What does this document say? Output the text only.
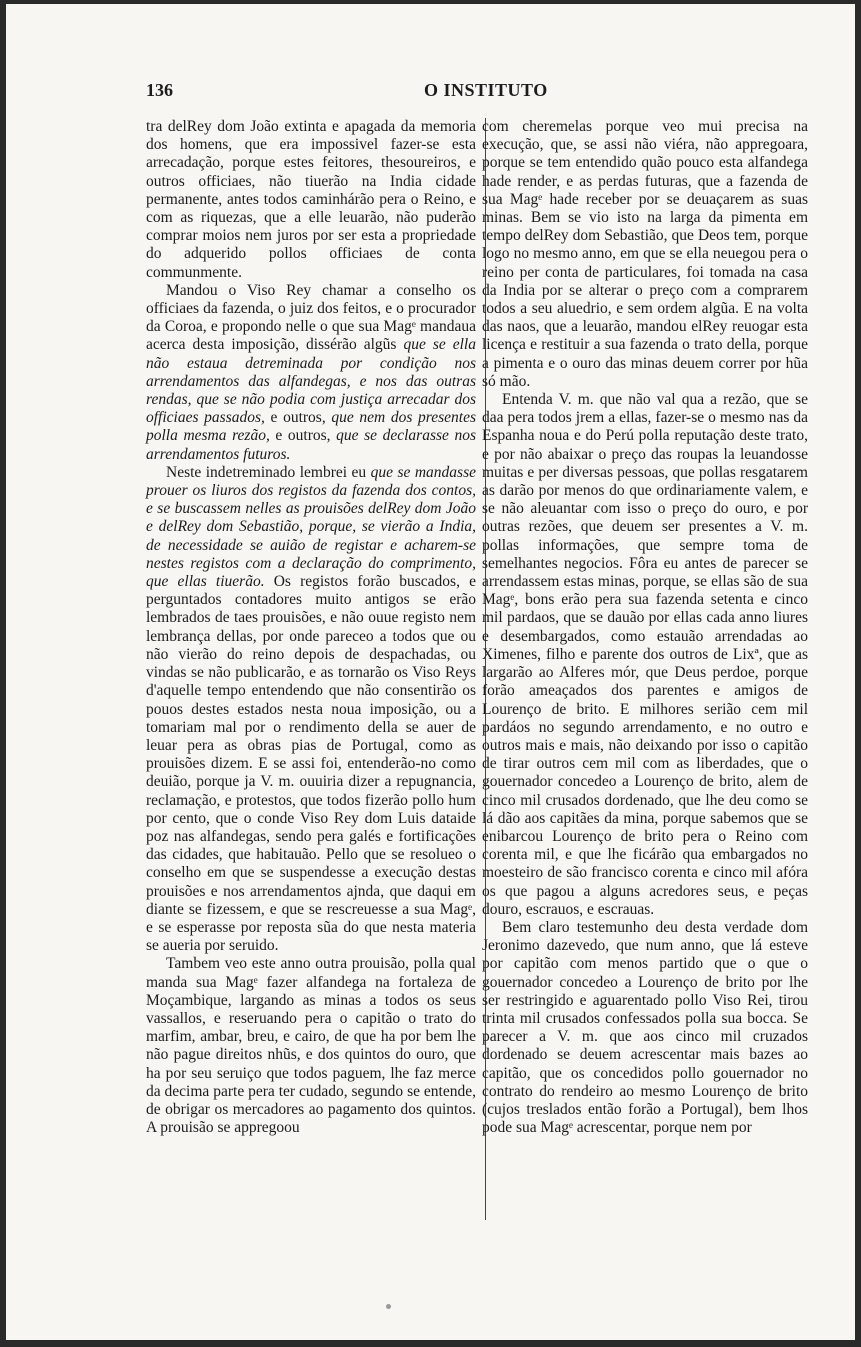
136	O INSTITUTO

tra delRey dom João extinta e apagada da memoria dos homens, que era impossivel fazer-se esta arrecadação, porque estes feitores, thesoureiros, e outros officiaes, não tiuerão na India cidade permanente, antes todos caminhárão pera o Reino, e com as riquezas, que a elle leuarão, não puderão comprar moios nem juros por ser esta a propriedade do adquerido pollos officiaes de conta communmente.

Mandou o Viso Rey chamar a conselho os officiaes da fazenda, o juiz dos feitos, e o procurador da Coroa, e propondo nelle o que sua Magᵉ mandaua acerca desta imposição, dissérão algũs que se ella não estaua detreminada por condição nos arrendamentos das alfandegas, e nos das outras rendas, que se não podia com justiça arrecadar dos officiaes passados, e outros, que nem dos presentes polla mesma rezão, e outros, que se declarasse nos arrendamentos futuros.

Neste indetreminado lembrei eu que se mandasse prouer os liuros dos registos da fazenda dos contos, e se buscassem nelles as prouisões delRey dom João e delRey dom Sebastião, porque, se vierão a India, de necessidade se auião de registar e acharem-se nestes registos com a declaração do comprimento, que ellas tiuerão. Os registos forão buscados, e perguntados contadores muito antigos se erão lembrados de taes prouisões, e não ouue registo nem lembrança dellas, por onde pareceo a todos que ou não vierão do reino depois de despachadas, ou vindas se não publicarão, e as tornarão os Viso Reys d'aquelle tempo entendendo que não consentirão os pouos destes estados nesta noua imposição, ou a tomariam mal por o rendimento della se auer de leuar pera as obras pias de Portugal, como as prouisões dizem. E se assi foi, entenderão-no como deuião, porque ja V. m. ouuiria dizer a repugnancia, reclamação, e protestos, que todos fizerão pollo hum por cento, que o conde Viso Rey dom Luis dataide poz nas alfandegas, sendo pera galés e fortificações das cidades, que habitauão. Pello que se resolueo o conselho em que se suspendesse a execução destas prouisões e nos arrendamentos ajnda, que daqui em diante se fizessem, e que se rescreuesse a sua Magᵉ, e se esperasse por reposta sũa do que nesta materia se aueria por seruido.

Tambem veo este anno outra prouisão, polla qual manda sua Magᵉ fazer alfandega na fortaleza de Moçambique, largando as minas a todos os seus vassallos, e reseruando pera o capitão o trato do marfim, ambar, breu, e cairo, de que ha por bem lhe não pague direitos nhũs, e dos quintos do ouro, que ha por seu seruiço que todos paguem, lhe faz merce da decima parte pera ter cudado, segundo se entende, de obrigar os mercadores ao pagamento dos quintos. A prouisão se appregoou

com cheremelas porque veo mui precisa na execução, que, se assi não viéra, não appregoara, porque se tem entendido quão pouco esta alfandega hade render, e as perdas futuras, que a fazenda de sua Magᵉ hade receber por se deuaçarem as suas minas. Bem se vio isto na larga da pimenta em tempo delRey dom Sebastião, que Deos tem, porque logo no mesmo anno, em que se ella neuegou pera o reino per conta de particulares, foi tomada na casa da India por se alterar o preço com a comprarem todos a seu aluedrio, e sem ordem algũa. E na volta das naos, que a leuarão, mandou elRey reuogar esta licença e restituir a sua fazenda o trato della, porque a pimenta e o ouro das minas deuem correr por hũa só mão.

Entenda V. m. que não val qua a rezão, que se daa pera todos jrem a ellas, fazer-se o mesmo nas da Espanha noua e do Perú polla reputação deste trato, e por não abaixar o preço das roupas la leuandosse muitas e per diversas pessoas, que pollas resgatarem as darão por menos do que ordinariamente valem, e se não aleuantar com isso o preço do ouro, e por outras rezões, que deuem ser presentes a V. m. pollas informações, que sempre toma de semelhantes negocios. Fôra eu antes de parecer se arrendassem estas minas, porque, se ellas são de sua Magᵉ, bons erão pera sua fazenda setenta e cinco mil pardaos, que se dauão por ellas cada anno liures e desembargados, como estauão arrendadas ao Ximenes, filho e parente dos outros de Lixª, que as largarão ao Alferes mór, que Deus perdoe, porque forão ameaçados dos parentes e amigos de Lourenço de brito. E milhores serião cem mil pardáos no segundo arrendamento, e no outro e outros mais e mais, não deixando por isso o capitão de tirar outros cem mil com as liberdades, que o gouernador concedeo a Lourenço de brito, alem de cinco mil crusados dordenado, que lhe deu como se lá dão aos capitães da mina, porque sabemos que se enibarcou Lourenço de brito pera o Reino com corenta mil, e que lhe ficárão qua embargados no moesteiro de são francisco corenta e cinco mil afóra os que pagou a alguns acredores seus, e peças douro, escrauos, e escrauas.

Bem claro testemunho deu desta verdade dom Jeronimo dazevedo, que num anno, que lá esteve por capitão com menos partido que o que o gouernador concedeo a Lourenço de brito por lhe ser restringido e aguarentado pollo Viso Rei, tirou trinta mil crusados confessados polla sua bocca. Se parecer a V. m. que aos cinco mil cruzados dordenado se deuem acrescentar mais bazes ao capitão, que os concedidos pollo gouernador no contrato do rendeiro ao mesmo Lourenço de brito (cujos treslados então forão a Portugal), bem lhos pode sua Magᵉ acrescentar, porque nem por
